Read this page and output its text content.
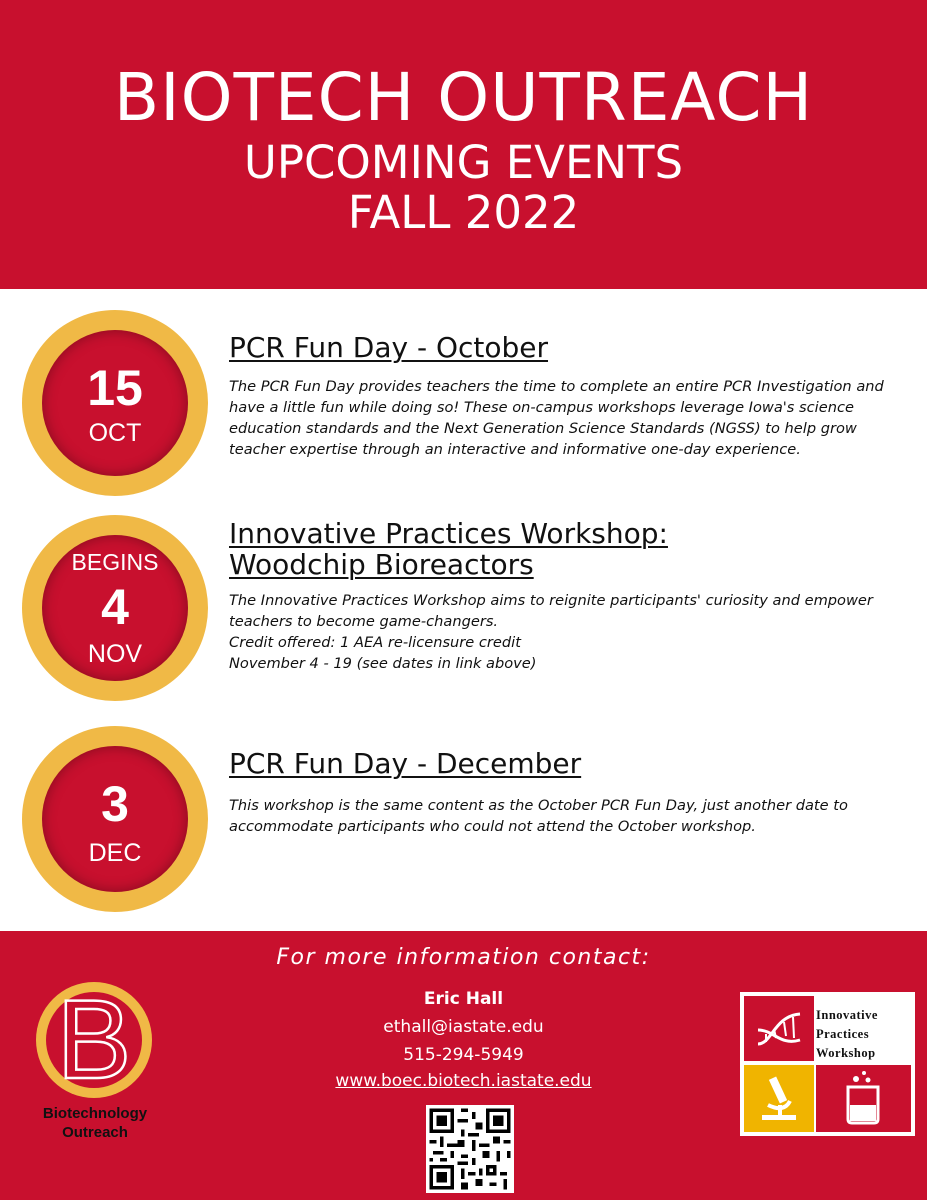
BIOTECH OUTREACH
UPCOMING EVENTS
FALL 2022
15
OCT
PCR Fun Day - October
The PCR Fun Day provides teachers the time to complete an entire PCR Investigation and
have a little fun while doing so! These on-campus workshops leverage Iowa's science
education standards and the Next Generation Science Standards (NGSS) to help grow
teacher expertise through an interactive and informative one-day experience.
BEGINS
4
NOV
Innovative Practices Workshop:
Woodchip Bioreactors
The Innovative Practices Workshop aims to reignite participants' curiosity and empower
teachers to become game-changers.
Credit offered: 1 AEA re-licensure credit
November 4 - 19 (see dates in link above)
3
DEC
PCR Fun Day - December
This workshop is the same content as the October PCR Fun Day, just another date to
accommodate participants who could not attend the October workshop.
For more information contact:
Eric Hall
ethall@iastate.edu
515-294-5949
www.boec.biotech.iastate.edu
B
Biotechnology
Outreach
Innovative
Practices
Workshop
